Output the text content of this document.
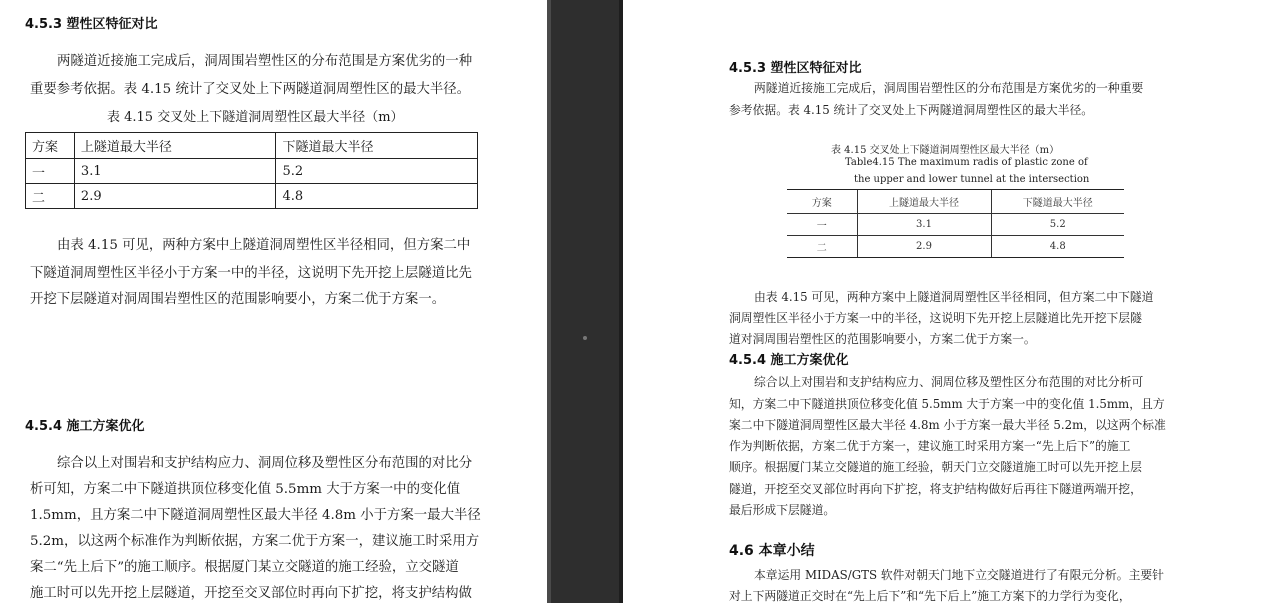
4.5.3 塑性区特征对比
两隧道近接施工完成后，洞周围岩塑性区的分布范围是方案优劣的一种
重要参考依据。表 4.15 统计了交叉处上下两隧道洞周塑性区的最大半径。
表 4.15 交叉处上下隧道洞周塑性区最大半径（m）
方案	上隧道最大半径	下隧道最大半径
一	3.1	5.2
二	2.9	4.8
由表 4.15 可见，两种方案中上隧道洞周塑性区半径相同，但方案二中
下隧道洞周塑性区半径小于方案一中的半径，这说明下先开挖上层隧道比先
开挖下层隧道对洞周围岩塑性区的范围影响要小，方案二优于方案一。
4.5.4 施工方案优化
综合以上对围岩和支护结构应力、洞周位移及塑性区分布范围的对比分
析可知，方案二中下隧道拱顶位移变化值 5.5mm 大于方案一中的变化值
1.5mm，且方案二中下隧道洞周塑性区最大半径 4.8m 小于方案一最大半径
5.2m，以这两个标准作为判断依据，方案二优于方案一，建议施工时采用方
案二“先上后下”的施工顺序。根据厦门某立交隧道的施工经验，立交隧道
施工时可以先开挖上层隧道，开挖至交叉部位时再向下扩挖，将支护结构做
4.5.3 塑性区特征对比
两隧道近接施工完成后，洞周围岩塑性区的分布范围是方案优劣的一种重要
参考依据。表 4.15 统计了交叉处上下两隧道洞周塑性区的最大半径。
表 4.15 交叉处上下隧道洞周塑性区最大半径（m）
Table4.15 The maximum radis of plastic zone of
the upper and lower tunnel at the intersection
方案	上隧道最大半径	下隧道最大半径
一	3.1	5.2
二	2.9	4.8
由表 4.15 可见，两种方案中上隧道洞周塑性区半径相同，但方案二中下隧道
洞周塑性区半径小于方案一中的半径，这说明下先开挖上层隧道比先开挖下层隧
道对洞周围岩塑性区的范围影响要小，方案二优于方案一。
4.5.4 施工方案优化
综合以上对围岩和支护结构应力、洞周位移及塑性区分布范围的对比分析可
知，方案二中下隧道拱顶位移变化值 5.5mm 大于方案一中的变化值 1.5mm，且方
案二中下隧道洞周塑性区最大半径 4.8m 小于方案一最大半径 5.2m，以这两个标准
作为判断依据，方案二优于方案一，建议施工时采用方案一“先上后下”的施工
顺序。根据厦门某立交隧道的施工经验，朝天门立交隧道施工时可以先开挖上层
隧道，开挖至交叉部位时再向下扩挖，将支护结构做好后再往下隧道两端开挖，
最后形成下层隧道。
4.6 本章小结
本章运用 MIDAS/GTS 软件对朝天门地下立交隧道进行了有限元分析。主要针
对上下两隧道正交时在“先上后下”和“先下后上”施工方案下的力学行为变化，
